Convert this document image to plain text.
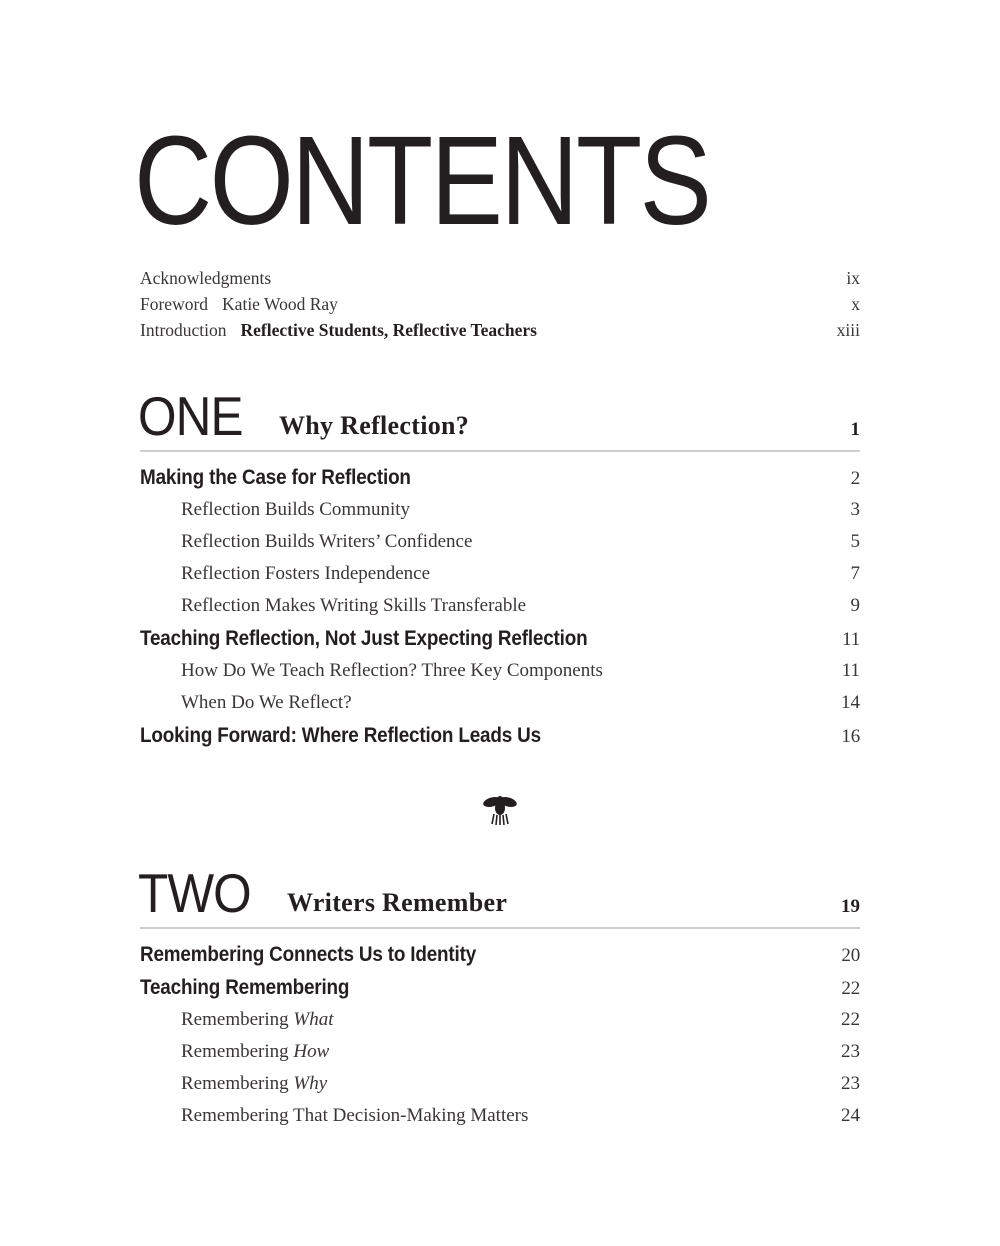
CONTENTS
Acknowledgments	ix
Foreword Katie Wood Ray	x
Introduction Reflective Students, Reflective Teachers	xiii
ONE Why Reflection?	1
Making the Case for Reflection	2
Reflection Builds Community	3
Reflection Builds Writers’ Confidence	5
Reflection Fosters Independence	7
Reflection Makes Writing Skills Transferable	9
Teaching Reflection, Not Just Expecting Reflection	11
How Do We Teach Reflection? Three Key Components	11
When Do We Reflect?	14
Looking Forward: Where Reflection Leads Us	16
TWO Writers Remember	19
Remembering Connects Us to Identity	20
Teaching Remembering	22
Remembering What	22
Remembering How	23
Remembering Why	23
Remembering That Decision-Making Matters	24
